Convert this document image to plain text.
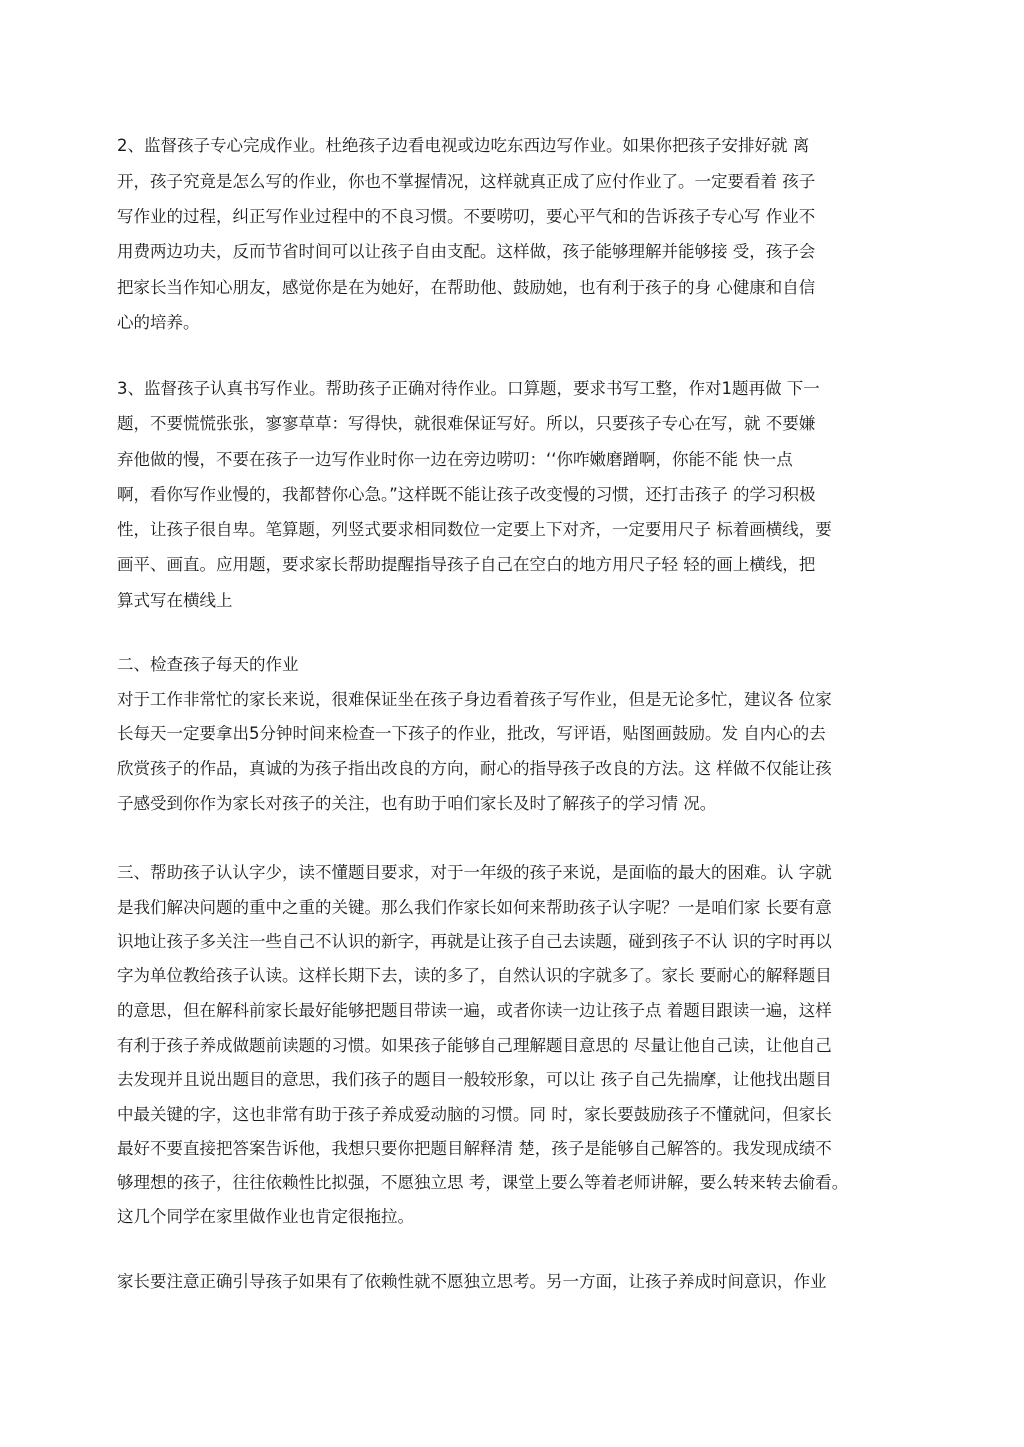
2、监督孩子专心完成作业。杜绝孩子边看电视或边吃东西边写作业。如果你把孩子安排好就 离
开，孩子究竟是怎么写的作业，你也不掌握情况，这样就真正成了应付作业了。一定要看着 孩子
写作业的过程，纠正写作业过程中的不良习惯。不要唠叨，要心平气和的告诉孩子专心写 作业不
用费两边功夫，反而节省时间可以让孩子自由支配。这样做，孩子能够理解并能够接 受，孩子会
把家长当作知心朋友，感觉你是在为她好，在帮助他、鼓励她，也有利于孩子的身 心健康和自信
心的培养。
3、监督孩子认真书写作业。帮助孩子正确对待作业。口算题，要求书写工整，作对1题再做 下一
题，不要慌慌张张，寥寥草草：写得快，就很难保证写好。所以，只要孩子专心在写，就 不要嫌
弃他做的慢，不要在孩子一边写作业时你一边在旁边唠叨：‘‘你咋嫩磨蹭啊，你能不能 快一点
啊，看你写作业慢的，我都替你心急。”这样既不能让孩子改变慢的习惯，还打击孩子 的学习积极
性，让孩子很自卑。笔算题，列竖式要求相同数位一定要上下对齐，一定要用尺子 标着画横线，要
画平、画直。应用题，要求家长帮助提醒指导孩子自己在空白的地方用尺子轻 轻的画上横线，把
算式写在横线上
二、检查孩子每天的作业
对于工作非常忙的家长来说，很难保证坐在孩子身边看着孩子写作业，但是无论多忙，建议各 位家
长每天一定要拿出5分钟时间来检查一下孩子的作业，批改，写评语，贴图画鼓励。发 自内心的去
欣赏孩子的作品，真诚的为孩子指出改良的方向，耐心的指导孩子改良的方法。这 样做不仅能让孩
子感受到你作为家长对孩子的关注，也有助于咱们家长及时了解孩子的学习情 况。
三、帮助孩子认认字少，读不懂题目要求，对于一年级的孩子来说，是面临的最大的困难。认 字就
是我们解决问题的重中之重的关键。那么我们作家长如何来帮助孩子认字呢？一是咱们家 长要有意
识地让孩子多关注一些自己不认识的新字，再就是让孩子自己去读题，碰到孩子不认 识的字时再以
字为单位教给孩子认读。这样长期下去，读的多了，自然认识的字就多了。家长 要耐心的解释题目
的意思，但在解科前家长最好能够把题目带读一遍，或者你读一边让孩子点 着题目跟读一遍，这样
有利于孩子养成做题前读题的习惯。如果孩子能够自己理解题目意思的 尽量让他自己读，让他自己
去发现并且说出题目的意思，我们孩子的题目一般较形象，可以让 孩子自己先揣摩，让他找出题目
中最关键的字，这也非常有助于孩子养成爱动脑的习惯。同 时，家长要鼓励孩子不懂就问，但家长
最好不要直接把答案告诉他，我想只要你把题目解释清 楚，孩子是能够自己解答的。我发现成绩不
够理想的孩子，往往依赖性比拟强，不愿独立思 考，课堂上要么等着老师讲解，要么转来转去偷看。
这几个同学在家里做作业也肯定很拖拉。
家长要注意正确引导孩子如果有了依赖性就不愿独立思考。另一方面，让孩子养成时间意识，作业
